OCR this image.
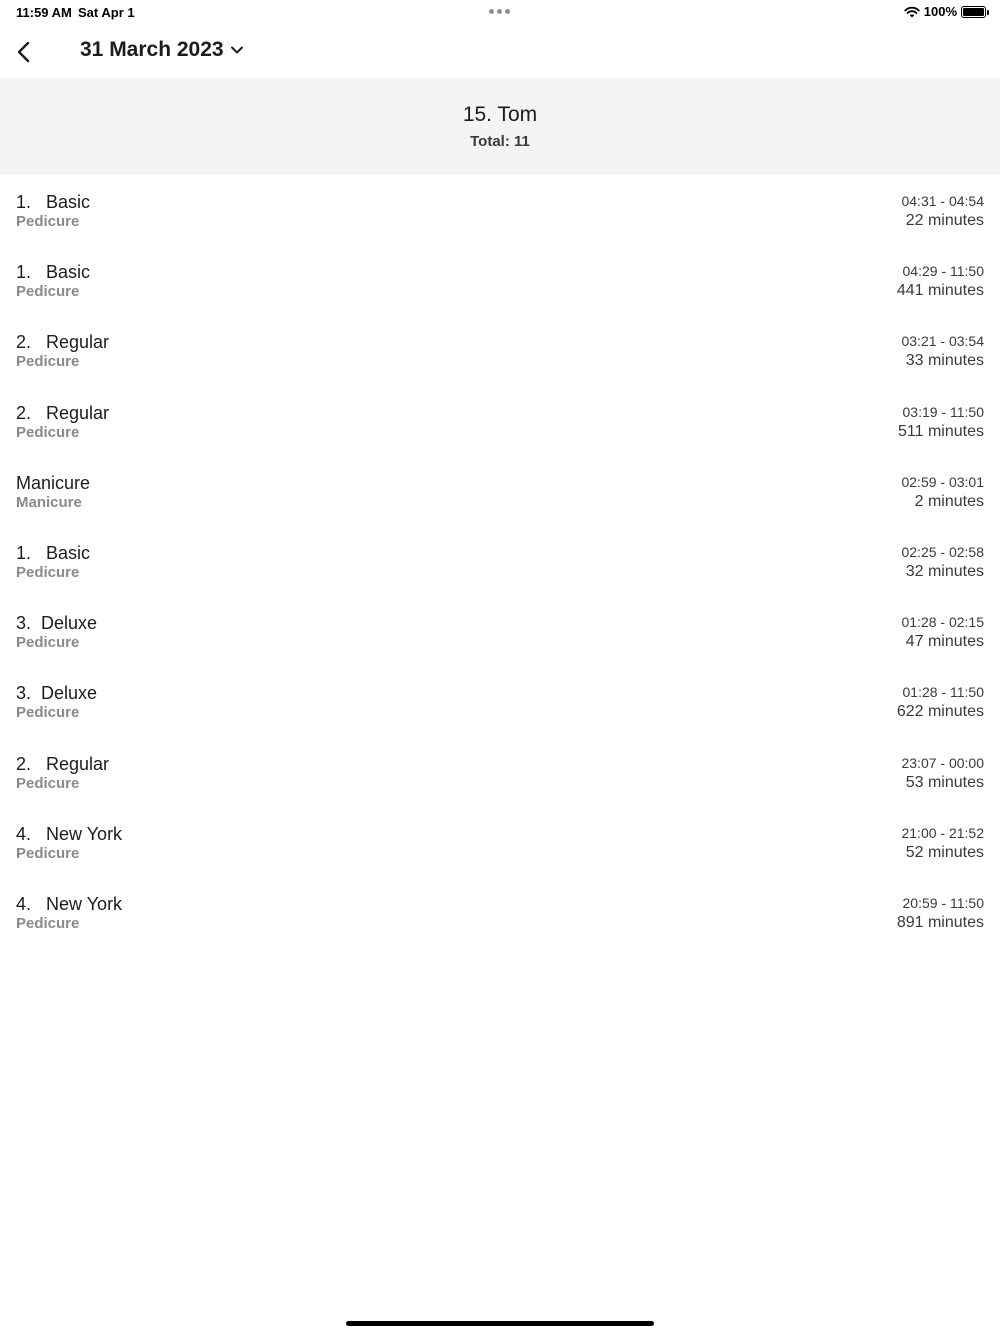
11:59 AM Sat Apr 1	100%
31 March 2023
15. Tom
Total: 11
1.   Basic
Pedicure
04:31 - 04:54
22 minutes
1.   Basic
Pedicure
04:29 - 11:50
441 minutes
2.   Regular
Pedicure
03:21 - 03:54
33 minutes
2.   Regular
Pedicure
03:19 - 11:50
511 minutes
Manicure
Manicure
02:59 - 03:01
2 minutes
1.   Basic
Pedicure
02:25 - 02:58
32 minutes
3.  Deluxe
Pedicure
01:28 - 02:15
47 minutes
3.  Deluxe
Pedicure
01:28 - 11:50
622 minutes
2.   Regular
Pedicure
23:07 - 00:00
53 minutes
4.   New York
Pedicure
21:00 - 21:52
52 minutes
4.   New York
Pedicure
20:59 - 11:50
891 minutes
